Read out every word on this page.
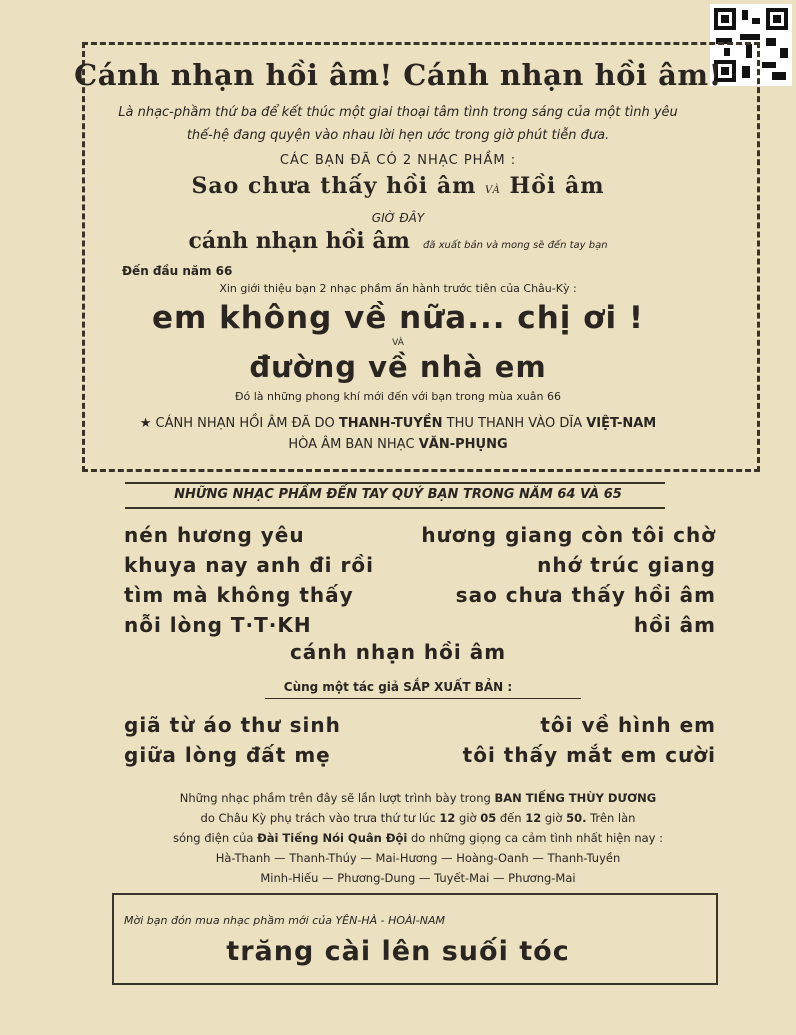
Cánh nhạn hồi âm! Cánh nhạn hồi âm!
Là nhạc-phầm thứ ba để kết thúc một giai thoại tâm tình trong sáng của một tình yêu
thế-hệ đang quyện vào nhau lời hẹn ước trong giờ phút tiễn đưa.
CÁC BẠN ĐÃ CÓ 2 NHẠC PHẦM :
Sao chưa thấy hồi âm VÀ Hồi âm
GIỜ ĐÂY
cánh nhạn hồi âm đã xuất bản và mong sẽ đến tay bạn
Đến đầu năm 66
Xin giới thiệu bạn 2 nhạc phầm ấn hành trước tiên của Châu-Kỳ :
em không về nữa... chị ơi !
VÀ
đường về nhà em
Đó là những phong khí mới đến với bạn trong mùa xuân 66
★ CÁNH NHẠN HỒI ÂM ĐÃ DO THANH-TUYỀN THU THANH VÀO DĨA VIỆT-NAM
HÒA ÂM BAN NHẠC VĂN-PHỤNG
NHỮNG NHẠC PHẦM ĐẾN TAY QUÝ BẠN TRONG NĂM 64 VÀ 65
nén hương yêu
khuya nay anh đi rồi
tìm mà không thấy
nỗi lòng T·T·KH
hương giang còn tôi chờ
nhớ trúc giang
sao chưa thấy hồi âm
hồi âm
cánh nhạn hồi âm
Cùng một tác giả SẮP XUẤT BẢN :
giã từ áo thư sinh
giữa lòng đất mẹ
tôi về hình em
tôi thấy mắt em cười
Những nhạc phầm trên đây sẽ lần lượt trình bày trong BAN TIẾNG THÙY DƯƠNG
do Châu Kỳ phụ trách vào trưa thứ tư lúc 12 giờ 05 đến 12 giờ 50. Trên làn
sóng điện của Đài Tiếng Nói Quân Đội do những giọng ca cảm tình nhất hiện nay :
Hà-Thanh — Thanh-Thúy — Mai-Hương — Hoàng-Oanh — Thanh-Tuyền
Minh-Hiếu — Phương-Dung — Tuyết-Mai — Phương-Mai
Mời bạn đón mua nhạc phầm mới của YÊN-HÀ - HOÀI-NAM
trăng cài lên suối tóc
